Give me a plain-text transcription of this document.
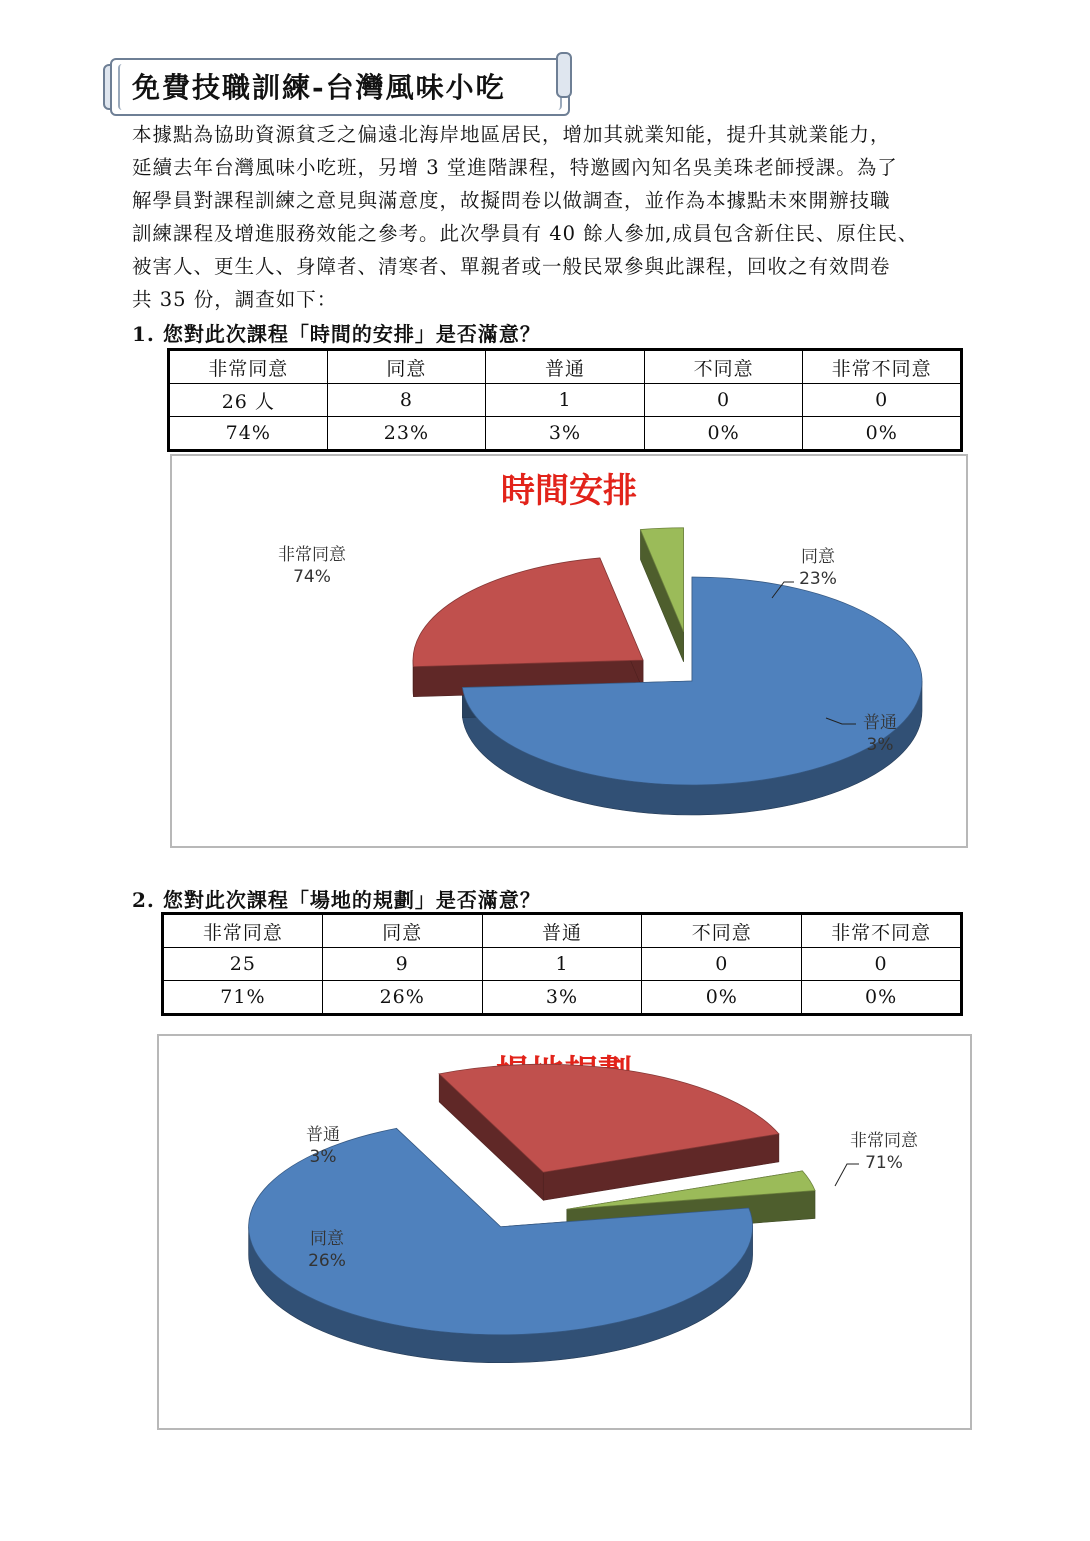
免費技職訓練-台灣風味小吃
本據點為協助資源貧乏之偏遠北海岸地區居民，增加其就業知能，提升其就業能力，
延續去年台灣風味小吃班，另增 3 堂進階課程，特邀國內知名吳美珠老師授課。為了
解學員對課程訓練之意見與滿意度，故擬問卷以做調查，並作為本據點未來開辦技職
訓練課程及增進服務效能之參考。此次學員有 40 餘人參加,成員包含新住民、原住民、
被害人、更生人、身障者、清寒者、單親者或一般民眾參與此課程，回收之有效問卷
共 35 份，調查如下：
1. 您對此次課程「時間的安排」是否滿意？
非常同意	同意	普通	不同意	非常不同意
26 人	8	1	0	0
74%	23%	3%	0%	0%
時間安排
非常同意
74%
同意
23%
普通
3%
2. 您對此次課程「場地的規劃」是否滿意？
非常同意	同意	普通	不同意	非常不同意
25	9	1	0	0
71%	26%	3%	0%	0%
非常同意
71%
同意
26%
普通
3%
